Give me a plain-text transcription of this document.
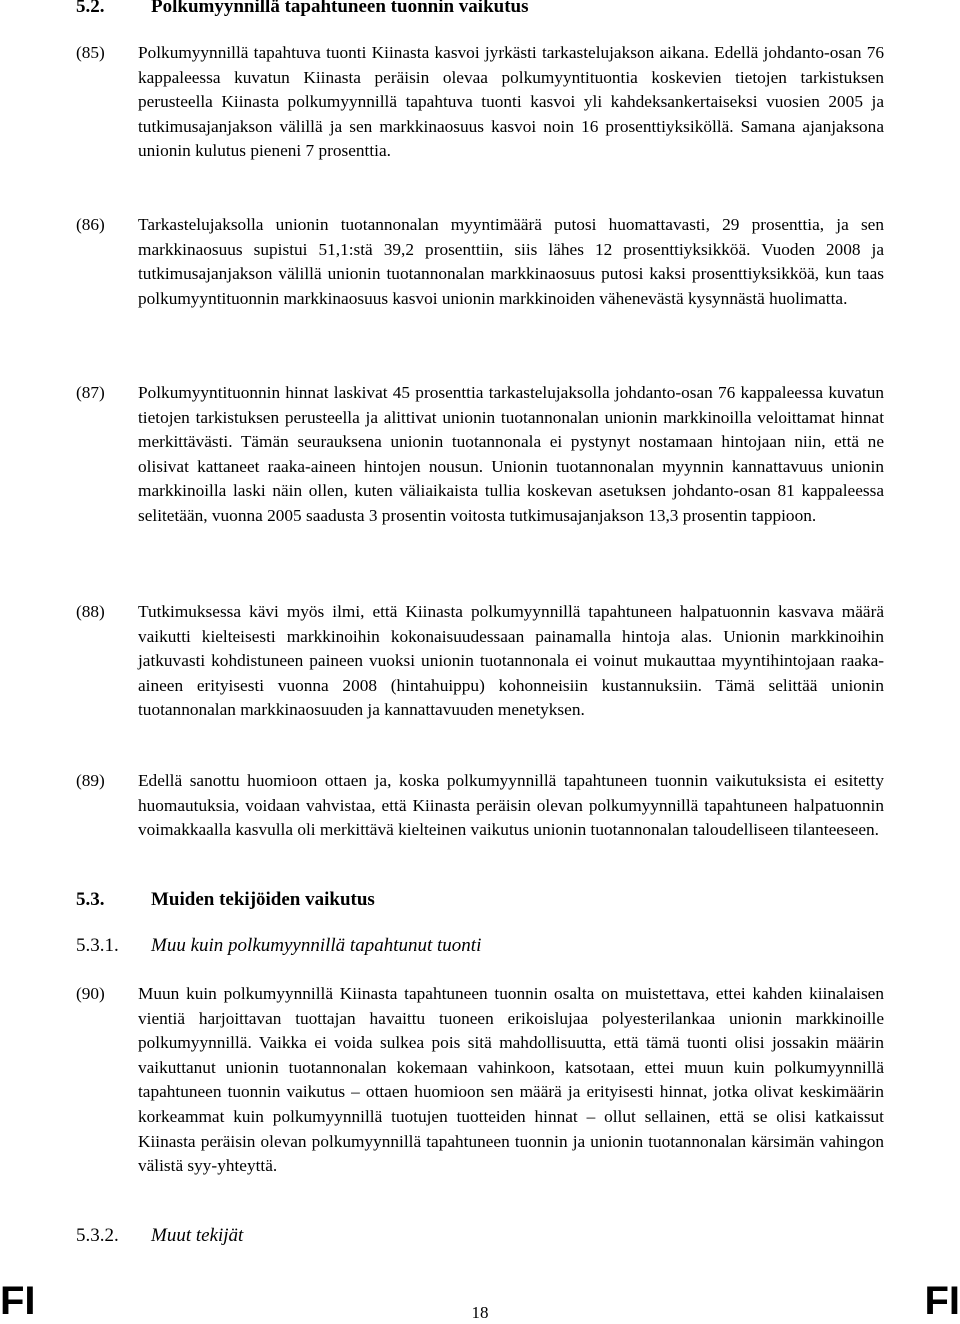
5.2. Polkumyynnillä tapahtuneen tuonnin vaikutus
(85) Polkumyynnillä tapahtuva tuonti Kiinasta kasvoi jyrkästi tarkastelujakson aikana. Edellä johdanto-osan 76 kappaleessa kuvatun Kiinasta peräisin olevaa polkumyyntituontia koskevien tietojen tarkistuksen perusteella Kiinasta polkumyynnillä tapahtuva tuonti kasvoi yli kahdeksankertaiseksi vuosien 2005 ja tutkimusajanjakson välillä ja sen markkinaosuus kasvoi noin 16 prosenttiyksiköllä. Samana ajanjaksona unionin kulutus pieneni 7 prosenttia.
(86) Tarkastelujaksolla unionin tuotannonalan myyntimäärä putosi huomattavasti, 29 prosenttia, ja sen markkinaosuus supistui 51,1:stä 39,2 prosenttiin, siis lähes 12 prosenttiyksikköä. Vuoden 2008 ja tutkimusajanjakson välillä unionin tuotannonalan markkinaosuus putosi kaksi prosenttiyksikköä, kun taas polkumyyntituonnin markkinaosuus kasvoi unionin markkinoiden vähenevästä kysynnästä huolimatta.
(87) Polkumyyntituonnin hinnat laskivat 45 prosenttia tarkastelujaksolla johdanto-osan 76 kappaleessa kuvatun tietojen tarkistuksen perusteella ja alittivat unionin tuotannonalan unionin markkinoilla veloittamat hinnat merkittävästi. Tämän seurauksena unionin tuotannonala ei pystynyt nostamaan hintojaan niin, että ne olisivat kattaneet raaka-aineen hintojen nousun. Unionin tuotannonalan myynnin kannattavuus unionin markkinoilla laski näin ollen, kuten väliaikaista tullia koskevan asetuksen johdanto-osan 81 kappaleessa selitetään, vuonna 2005 saadusta 3 prosentin voitosta tutkimusajanjakson 13,3 prosentin tappioon.
(88) Tutkimuksessa kävi myös ilmi, että Kiinasta polkumyynnillä tapahtuneen halpatuonnin kasvava määrä vaikutti kielteisesti markkinoihin kokonaisuudessaan painamalla hintoja alas. Unionin markkinoihin jatkuvasti kohdistuneen paineen vuoksi unionin tuotannonala ei voinut mukauttaa myyntihintojaan raaka-aineen erityisesti vuonna 2008 (hintahuippu) kohonneisiin kustannuksiin. Tämä selittää unionin tuotannonalan markkinaosuuden ja kannattavuuden menetyksen.
(89) Edellä sanottu huomioon ottaen ja, koska polkumyynnillä tapahtuneen tuonnin vaikutuksista ei esitetty huomautuksia, voidaan vahvistaa, että Kiinasta peräisin olevan polkumyynnillä tapahtuneen halpatuonnin voimakkaalla kasvulla oli merkittävä kielteinen vaikutus unionin tuotannonalan taloudelliseen tilanteeseen.
5.3. Muiden tekijöiden vaikutus
5.3.1. Muu kuin polkumyynnillä tapahtunut tuonti
(90) Muun kuin polkumyynnillä Kiinasta tapahtuneen tuonnin osalta on muistettava, ettei kahden kiinalaisen vientiä harjoittavan tuottajan havaittu tuoneen erikoislujaa polyesterilankaa unionin markkinoille polkumyynnillä. Vaikka ei voida sulkea pois sitä mahdollisuutta, että tämä tuonti olisi jossakin määrin vaikuttanut unionin tuotannonalan kokemaan vahinkoon, katsotaan, ettei muun kuin polkumyynnillä tapahtuneen tuonnin vaikutus – ottaen huomioon sen määrä ja erityisesti hinnat, jotka olivat keskimäärin korkeammat kuin polkumyynnillä tuotujen tuotteiden hinnat – ollut sellainen, että se olisi katkaissut Kiinasta peräisin olevan polkumyynnillä tapahtuneen tuonnin ja unionin tuotannonalan kärsimän vahingon välistä syy-yhteyttä.
5.3.2. Muut tekijät
FI	18	FI
